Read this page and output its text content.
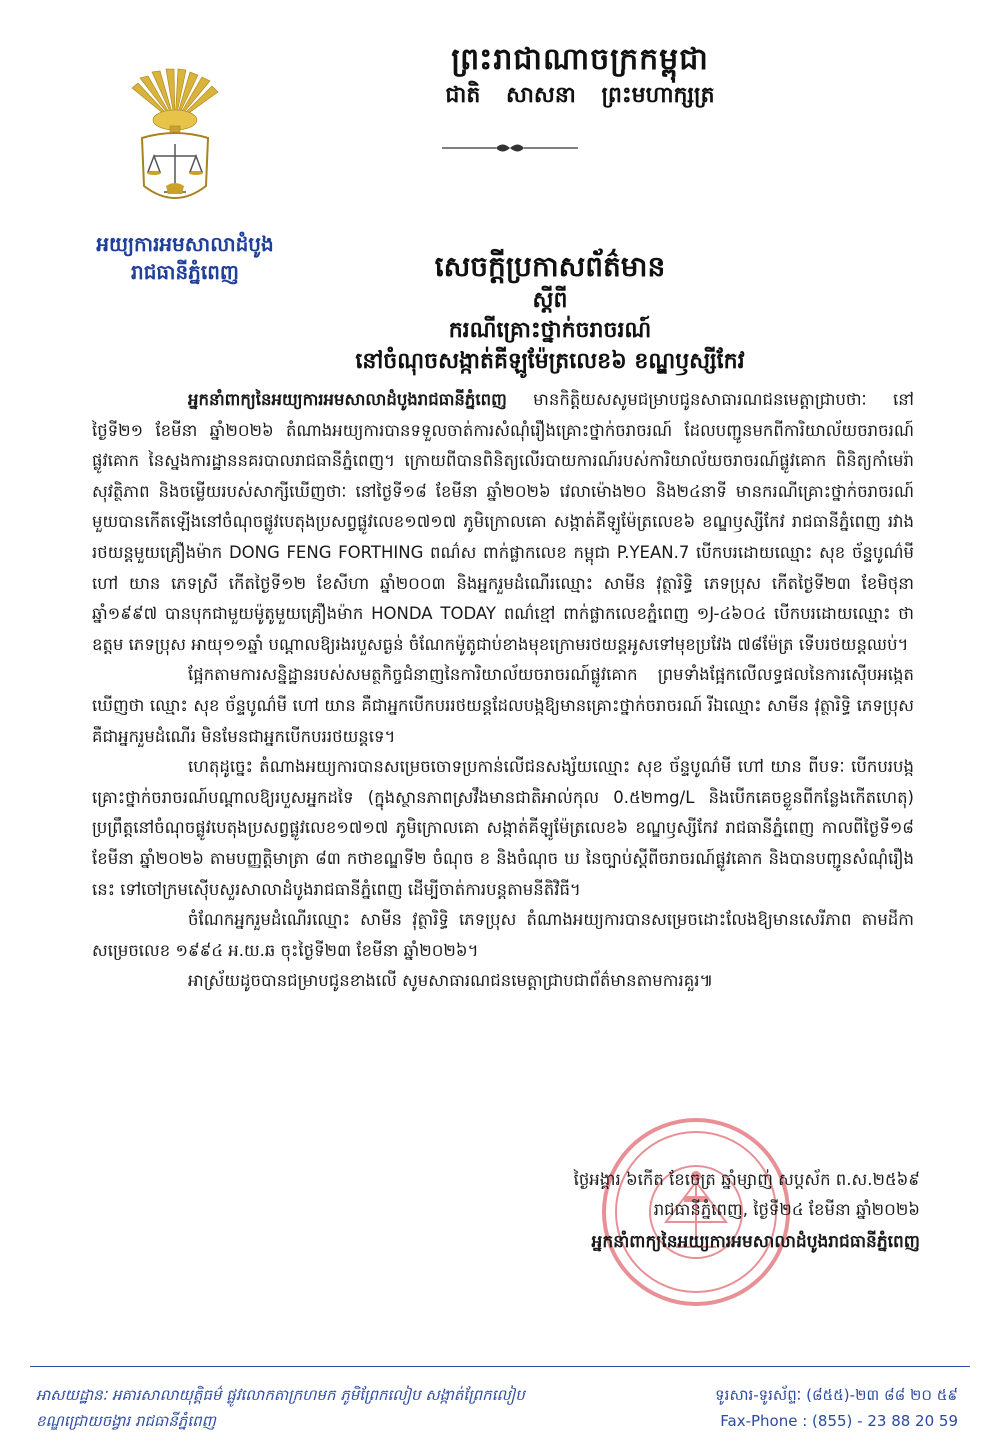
អយ្យការអមសាលាដំបូង
រាជធានីភ្នំពេញ
ព្រះរាជាណាចក្រកម្ពុជា
ជាតិ សាសនា ព្រះមហាក្សត្រ
សេចក្តីប្រកាសព័ត៌មាន
ស្តីពី
ករណីគ្រោះថ្នាក់ចរាចរណ៍
នៅចំណុចសង្កាត់គីឡូម៉ែត្រលេខ៦ ខណ្ឌឫស្សីកែវ

អ្នកនាំពាក្យនៃអយ្យការអមសាលាដំបូងរាជធានីភ្នំពេញ មានកិត្តិយសសូមជម្រាបជូនសាធារណជនមេត្តាជ្រាបថាៈ នៅថ្ងៃទី២១ ខែមីនា ឆ្នាំ២០២៦ តំណាងអយ្យការបានទទួលចាត់ការសំណុំរឿងគ្រោះថ្នាក់ចរាចរណ៍ ដែលបញ្ជូនមកពីការិយាល័យចរាចរណ៍ផ្លូវគោក នៃស្នងការដ្ឋាននគរបាលរាជធានីភ្នំពេញ។ ក្រោយពីបានពិនិត្យលើរបាយការណ៍របស់ការិយាល័យចរាចរណ៍ផ្លូវគោក ពិនិត្យកាំមេរ៉ាសុវត្ថិភាព និងចម្លើយរបស់សាក្សីឃើញថាៈ នៅថ្ងៃទី១៨ ខែមីនា ឆ្នាំ២០២៦ វេលាម៉ោង២០ និង២៤នាទី មានករណីគ្រោះថ្នាក់ចរាចរណ៍មួយបានកើតឡើងនៅចំណុចផ្លូវបេតុងប្រសព្វផ្លូវលេខ១៧១៧ ភូមិក្រោលគោ សង្កាត់គីឡូម៉ែត្រលេខ៦ ខណ្ឌឫស្សីកែវ រាជធានីភ្នំពេញ រវាងរថយន្តមួយគ្រឿងម៉ាក DONG FENG FORTHING ពណ៌ស ពាក់ផ្លាកលេខ កម្ពុជា P.YEAN.7 បើកបរដោយឈ្មោះ សុខ ច័ន្ទបូណ៌មី ហៅ យាន ភេទស្រី កើតថ្ងៃទី១២ ខែសីហា ឆ្នាំ២០០៣ និងអ្នករួមដំណើរឈ្មោះ សាមីន វុត្ថារិទ្ធិ ភេទប្រុស កើតថ្ងៃទី២៣ ខែមិថុនា ឆ្នាំ១៩៩៧ បានបុកជាមួយម៉ូតូមួយគ្រឿងម៉ាក HONDA TODAY ពណ៌ខ្មៅ ពាក់ផ្លាកលេខភ្នំពេញ ១J-៤៦០៤ បើកបរដោយឈ្មោះ ថា ឧត្តម ភេទប្រុស អាយុ១១ឆ្នាំ បណ្តាលឱ្យរងរបួសធ្ងន់ ចំណែកម៉ូតូជាប់ខាងមុខក្រោមរថយន្តអូសទៅមុខប្រវែង ៧៨ម៉ែត្រ ទើបរថយន្តឈប់។

ផ្អែកតាមការសន្និដ្ឋានរបស់សមត្ថកិច្ចជំនាញនៃការិយាល័យចរាចរណ៍ផ្លូវគោក ព្រមទាំងផ្អែកលើលទ្ធផលនៃការស៊ើបអង្កេតឃើញថា ឈ្មោះ សុខ ច័ន្ទបូណ៌មី ហៅ យាន គឺជាអ្នកបើកបររថយន្តដែលបង្កឱ្យមានគ្រោះថ្នាក់ចរាចរណ៍ រីឯឈ្មោះ សាមីន វុត្ថារិទ្ធិ ភេទប្រុស គឺជាអ្នករួមដំណើរ មិនមែនជាអ្នកបើកបររថយន្តទេ។

ហេតុដូច្នេះ តំណាងអយ្យការបានសម្រេចចោទប្រកាន់លើជនសង្ស័យឈ្មោះ សុខ ច័ន្ទបូណ៌មី ហៅ យាន ពីបទៈ បើកបរបង្កគ្រោះថ្នាក់ចរាចរណ៍បណ្តាលឱ្យរបួសអ្នកដទៃ (ក្នុងស្ថានភាពស្រវឹងមានជាតិអាល់កុល 0.៥២mg/L និងបើកគេចខ្លួនពីកន្លែងកើតហេតុ) ប្រព្រឹត្តនៅចំណុចផ្លូវបេតុងប្រសព្វផ្លូវលេខ១៧១៧ ភូមិក្រោលគោ សង្កាត់គីឡូម៉ែត្រលេខ៦ ខណ្ឌឫស្សីកែវ រាជធានីភ្នំពេញ កាលពីថ្ងៃទី១៨ ខែមីនា ឆ្នាំ២០២៦ តាមបញ្ញត្តិមាត្រា ៨៣ កថាខណ្ឌទី២ ចំណុច ខ និងចំណុច ឃ នៃច្បាប់ស្តីពីចរាចរណ៍ផ្លូវគោក និងបានបញ្ជូនសំណុំរឿងនេះ ទៅចៅក្រមស៊ើបសួរសាលាដំបូងរាជធានីភ្នំពេញ ដើម្បីចាត់ការបន្តតាមនីតិវិធី។

ចំណែកអ្នករួមដំណើរឈ្មោះ សាមីន វុត្ថារិទ្ធិ ភេទប្រុស តំណាងអយ្យការបានសម្រេចដោះលែងឱ្យមានសេរីភាព តាមដីកាសម្រេចលេខ ១៩៩៤ អ.យ.ឆ ចុះថ្ងៃទី២៣ ខែមីនា ឆ្នាំ២០២៦។

អាស្រ័យដូចបានជម្រាបជូនខាងលើ សូមសាធារណជនមេត្តាជ្រាបជាព័ត៌មានតាមការគួរ៕

ថ្ងៃអង្គារ ៦កើត ខែចេត្រ ឆ្នាំម្សាញ់ សប្តស័ក ព.ស.២៥៦៩
រាជធានីភ្នំពេញ, ថ្ងៃទី២៤ ខែមីនា ឆ្នាំ២០២៦
អ្នកនាំពាក្យនៃអយ្យការអមសាលាដំបូងរាជធានីភ្នំពេញ
អាសយដ្ឋានៈ អគារសាលាយុត្តិធម៌ ផ្លូវលោកតាក្រហមក ភូមិព្រែកលៀប សង្កាត់ព្រែកលៀប
ខណ្ឌជ្រោយចង្វារ រាជធានីភ្នំពេញ
ទូរសារ-ទូរស័ព្ទៈ (៨៥៥)-២៣ ៨៨ ២០ ៥៩
Fax-Phone : (855) - 23 88 20 59
